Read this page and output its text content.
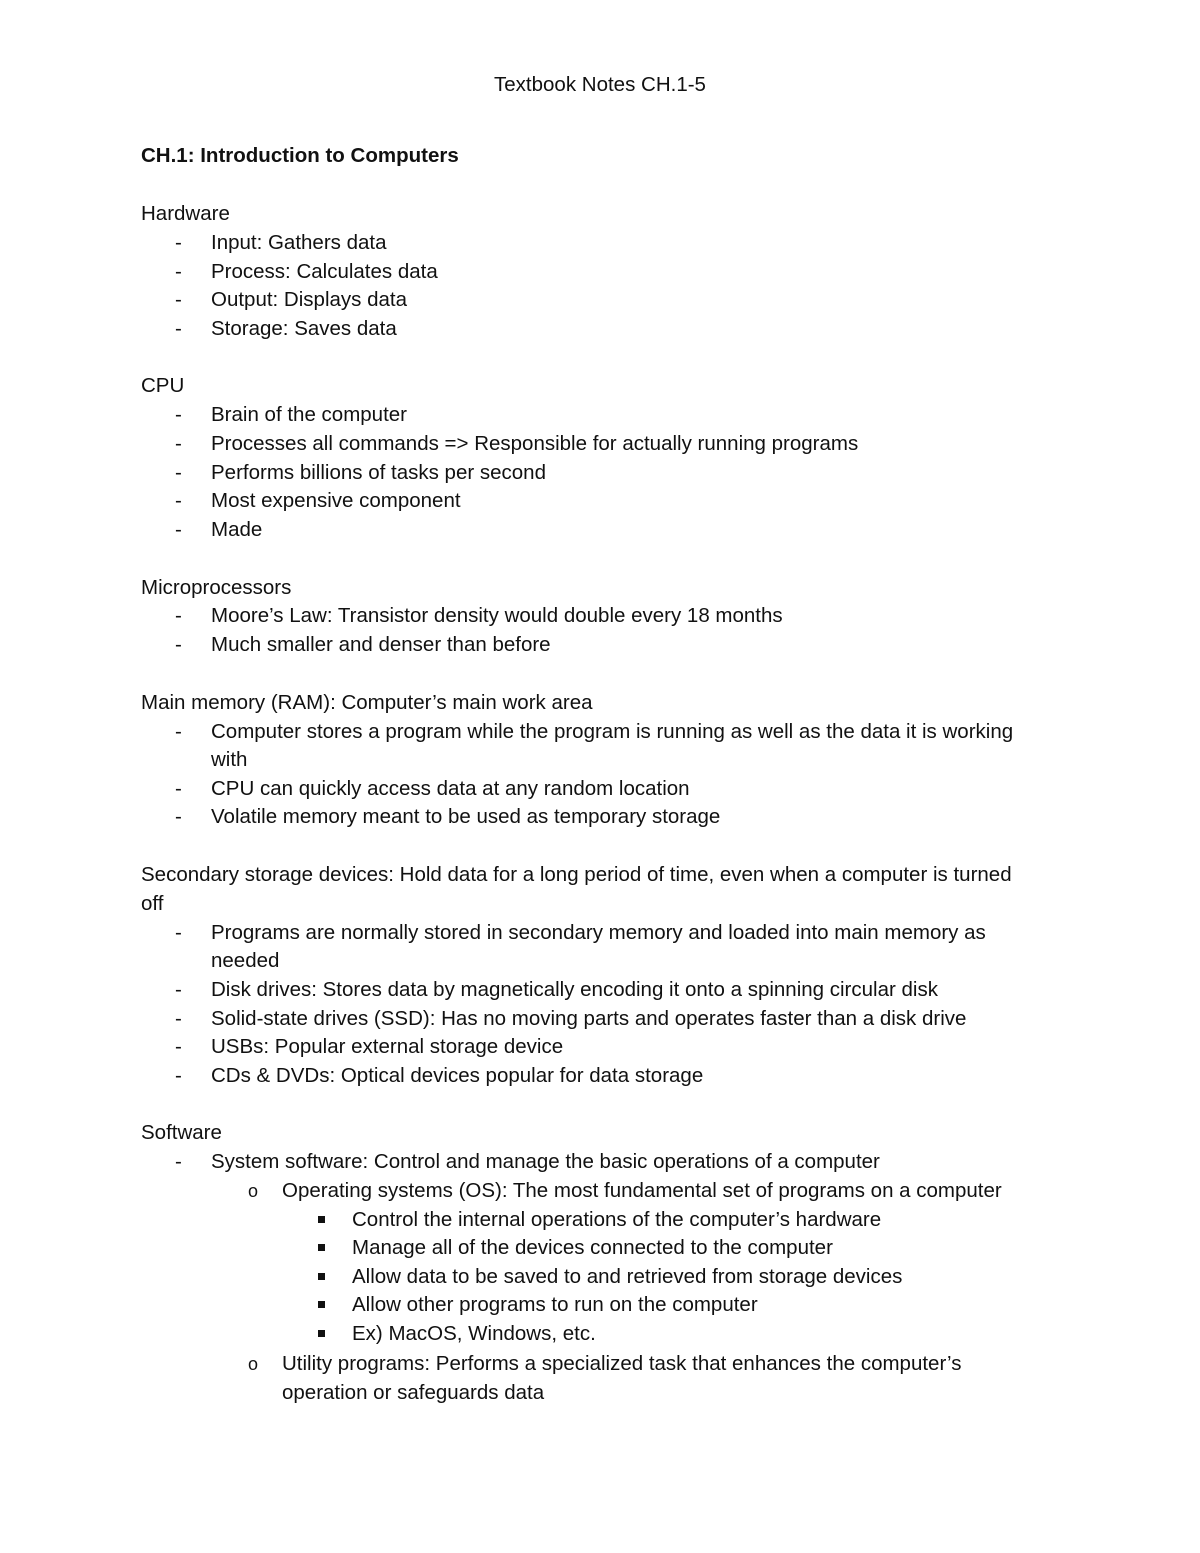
Textbook Notes CH.1-5
CH.1: Introduction to Computers
Hardware
- Input: Gathers data
- Process: Calculates data
- Output: Displays data
- Storage: Saves data
CPU
- Brain of the computer
- Processes all commands => Responsible for actually running programs
- Performs billions of tasks per second
- Most expensive component
- Made
Microprocessors
- Moore’s Law: Transistor density would double every 18 months
- Much smaller and denser than before
Main memory (RAM): Computer’s main work area
- Computer stores a program while the program is running as well as the data it is working
with
- CPU can quickly access data at any random location
- Volatile memory meant to be used as temporary storage
Secondary storage devices: Hold data for a long period of time, even when a computer is turned
off
- Programs are normally stored in secondary memory and loaded into main memory as
needed
- Disk drives: Stores data by magnetically encoding it onto a spinning circular disk
- Solid-state drives (SSD): Has no moving parts and operates faster than a disk drive
- USBs: Popular external storage device
- CDs & DVDs: Optical devices popular for data storage
Software
- System software: Control and manage the basic operations of a computer
o Operating systems (OS): The most fundamental set of programs on a computer
Control the internal operations of the computer’s hardware
Manage all of the devices connected to the computer
Allow data to be saved to and retrieved from storage devices
Allow other programs to run on the computer
Ex) MacOS, Windows, etc.
o Utility programs: Performs a specialized task that enhances the computer’s
operation or safeguards data
